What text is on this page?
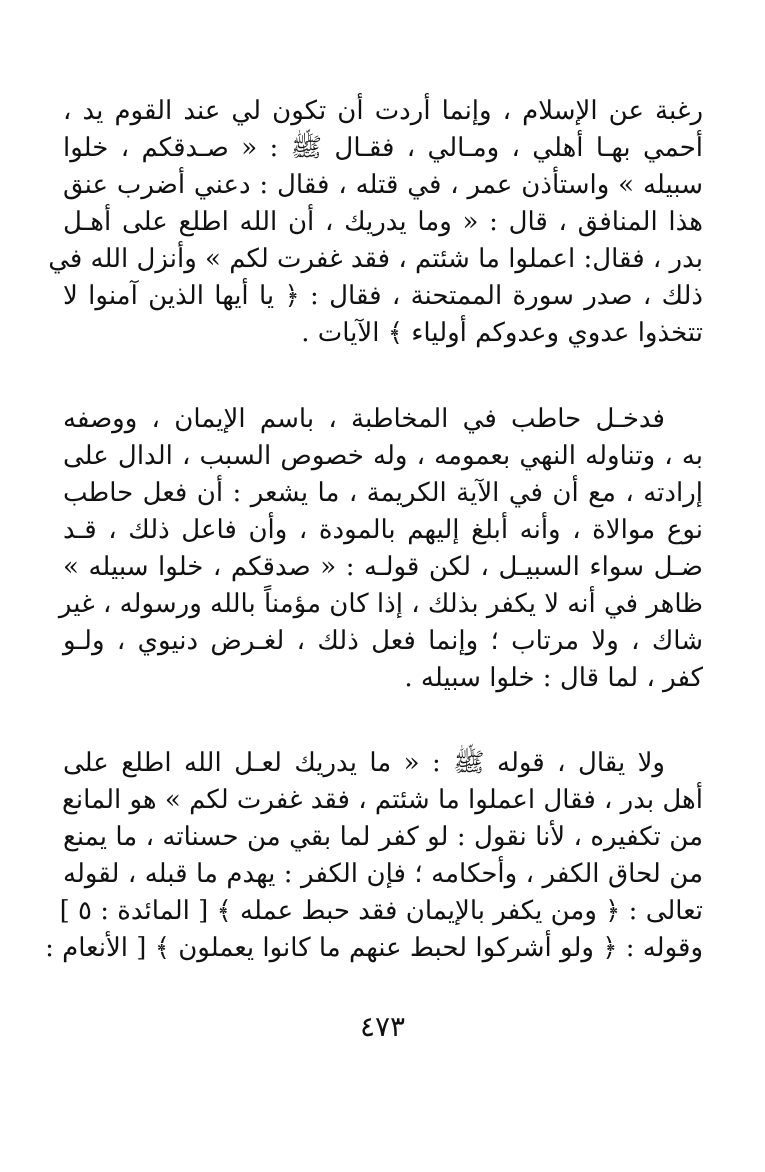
رغبة عن الإسلام ، وإنما أردت أن تكون لي عند القوم يد ،
أحمي بهـا أهلي ، ومـالي ، فقـال ﷺ : « صـدقكم ، خلوا
سبيله » واستأذن عمر ، في قتله ، فقال : دعني أضرب عنق
هذا المنافق ، قال : « وما يدريك ، أن الله اطلع على أهـل
بدر ، فقال: اعملوا ما شئتم ، فقد غفرت لكم » وأنزل الله في
ذلك ، صدر سورة الممتحنة ، فقال : ﴿ يا أيها الذين آمنوا لا
تتخذوا عدوي وعدوكم أولياء ﴾ الآيات .
فدخـل حاطب في المخاطبة ، باسم الإيمان ، ووصفه
به ، وتناوله النهي بعمومه ، وله خصوص السبب ، الدال على
إرادته ، مع أن في الآية الكريمة ، ما يشعر : أن فعل حاطب
نوع موالاة ، وأنه أبلغ إليهم بالمودة ، وأن فاعل ذلك ، قـد
ضـل سواء السبيـل ، لكن قولـه : « صدقكم ، خلوا سبيله »
ظاهر في أنه لا يكفر بذلك ، إذا كان مؤمناً بالله ورسوله ، غير
شاك ، ولا مرتاب ؛ وإنما فعل ذلك ، لغـرض دنيوي ، ولـو
كفر ، لما قال : خلوا سبيله .
ولا يقال ، قوله ﷺ : « ما يدريك لعـل الله اطلع على
أهل بدر ، فقال اعملوا ما شئتم ، فقد غفرت لكم » هو المانع
من تكفيره ، لأنا نقول : لو كفر لما بقي من حسناته ، ما يمنع
من لحاق الكفر ، وأحكامه ؛ فإن الكفر : يهدم ما قبله ، لقوله
تعالى : ﴿ ومن يكفر بالإيمان فقد حبط عمله ﴾ [ المائدة : ٥ ]
وقوله : ﴿ ولو أشركوا لحبط عنهم ما كانوا يعملون ﴾ [ الأنعام :
٤٧٣
